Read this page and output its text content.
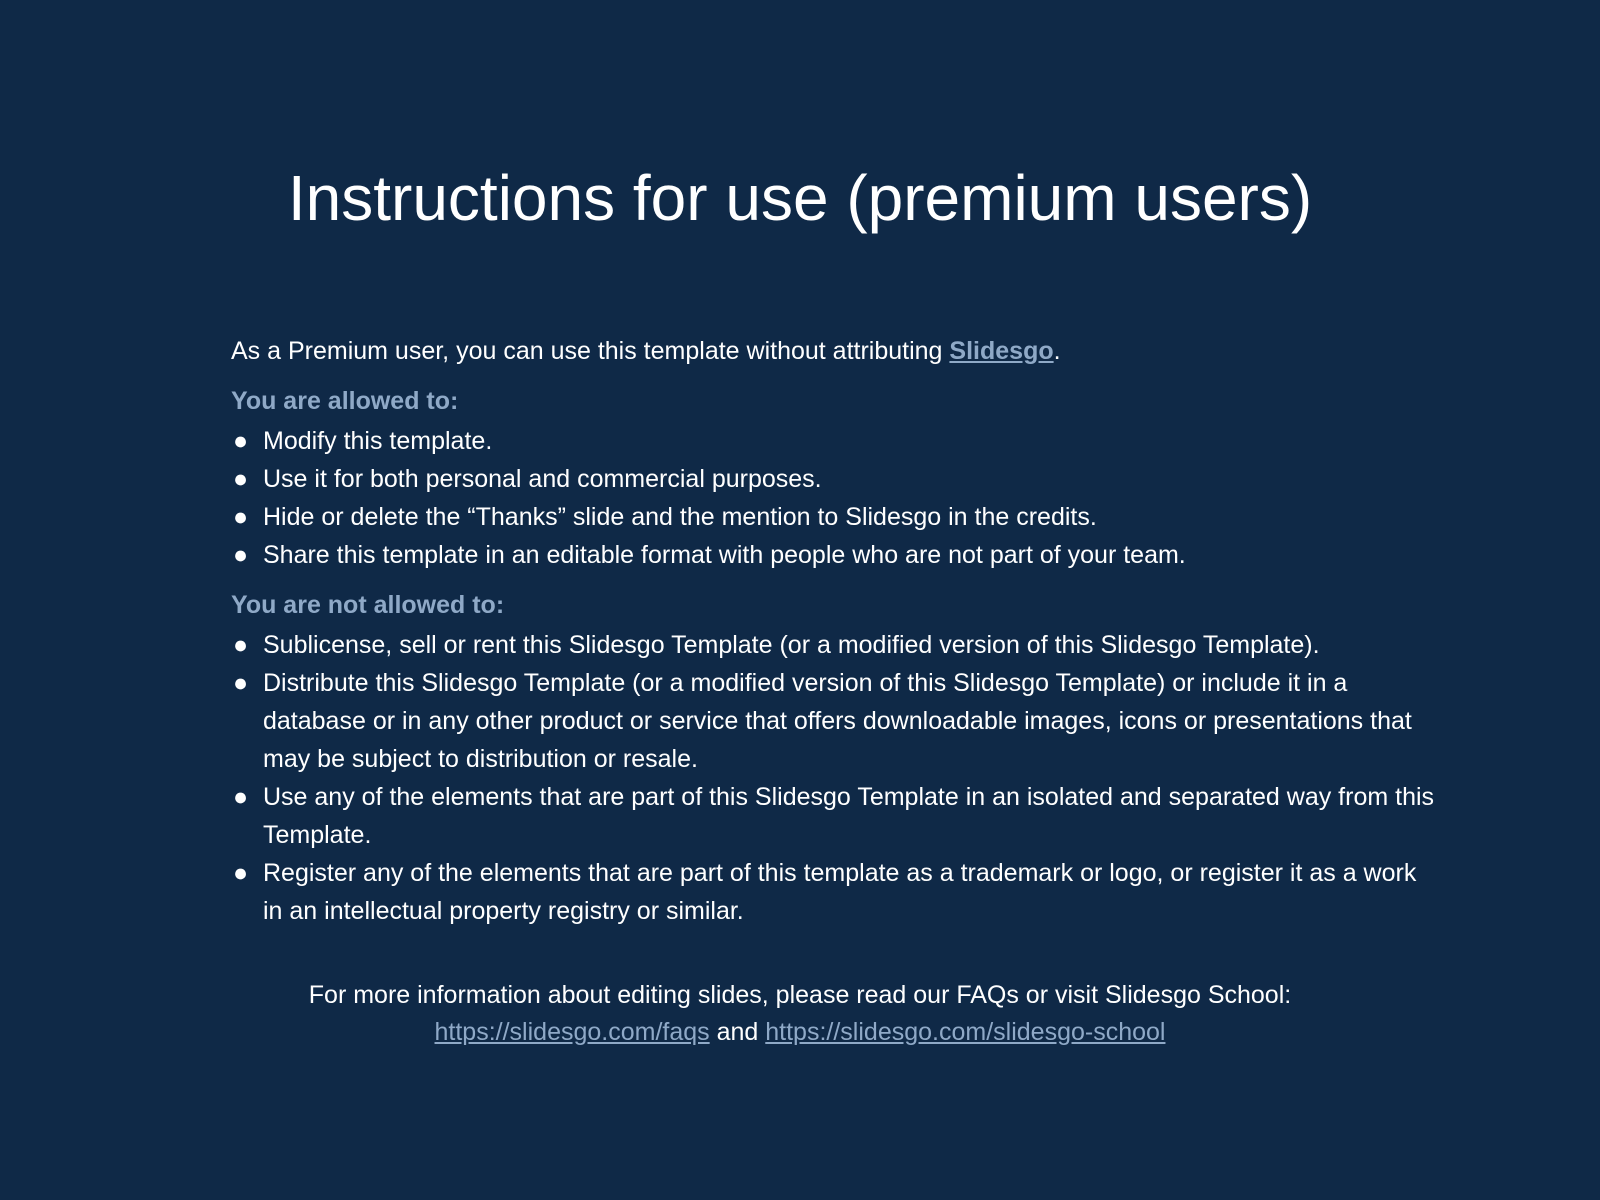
Instructions for use (premium users)

As a Premium user, you can use this template without attributing Slidesgo.

You are allowed to:
● Modify this template.
● Use it for both personal and commercial purposes.
● Hide or delete the “Thanks” slide and the mention to Slidesgo in the credits.
● Share this template in an editable format with people who are not part of your team.
You are not allowed to:
● Sublicense, sell or rent this Slidesgo Template (or a modified version of this Slidesgo Template).
● Distribute this Slidesgo Template (or a modified version of this Slidesgo Template) or include it in a database or in any other product or service that offers downloadable images, icons or presentations that may be subject to distribution or resale.
● Use any of the elements that are part of this Slidesgo Template in an isolated and separated way from this Template.
● Register any of the elements that are part of this template as a trademark or logo, or register it as a work in an intellectual property registry or similar.
For more information about editing slides, please read our FAQs or visit Slidesgo School:
https://slidesgo.com/faqs and https://slidesgo.com/slidesgo-school
